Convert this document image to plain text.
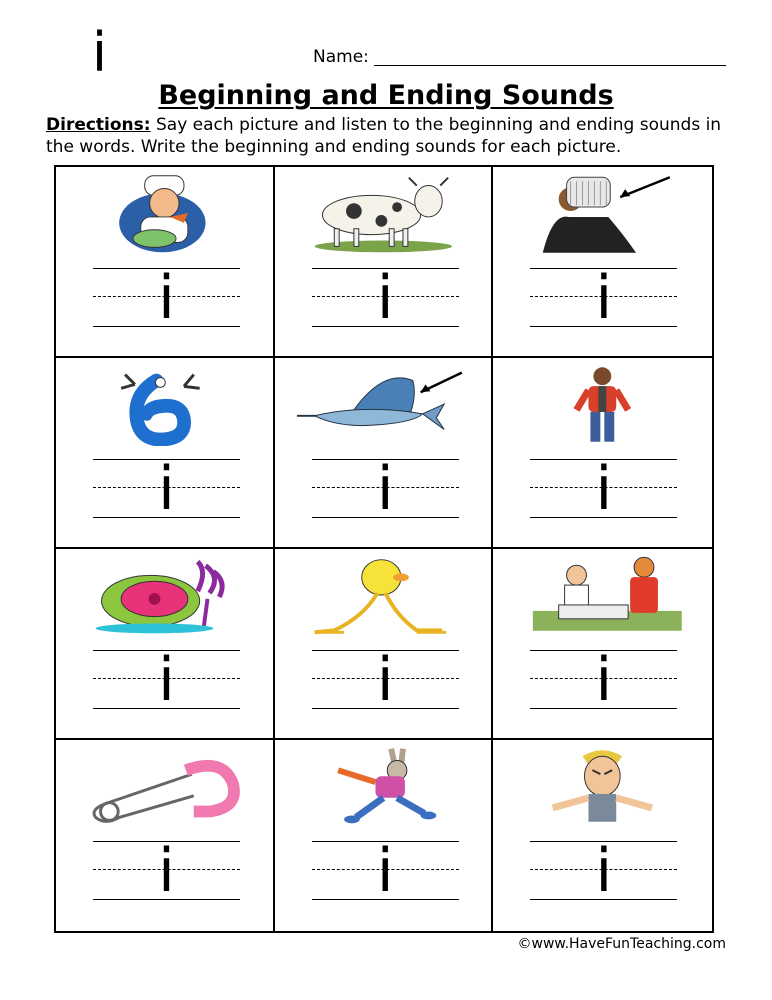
i	Name:
Beginning and Ending Sounds
Directions: Say each picture and listen to the beginning and ending sounds in the words. Write the beginning and ending sounds for each picture.
i	i	i
i	i	i
i	i	i
i	i	i
©www.HaveFunTeaching.com
